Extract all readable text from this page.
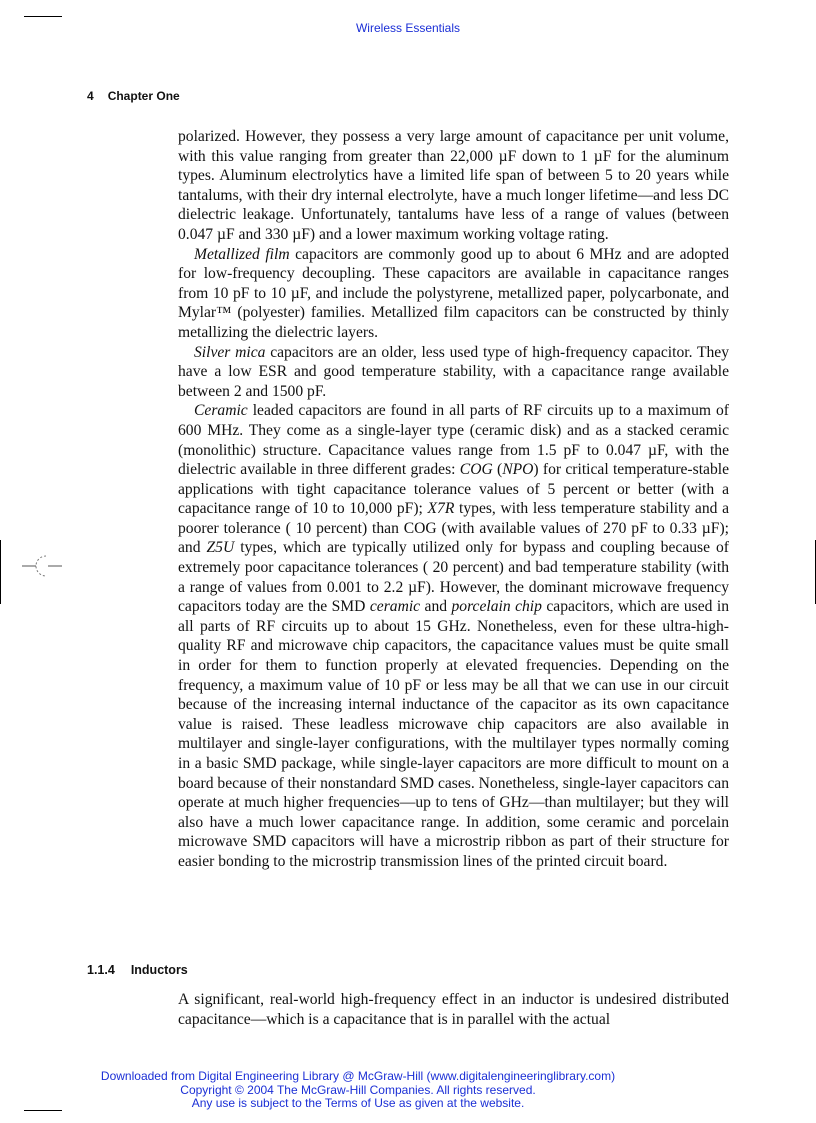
Wireless Essentials
4 Chapter One

polarized. However, they possess a very large amount of capacitance per unit volume, with this value ranging from greater than 22,000 µF down to 1 µF for the aluminum types. Aluminum electrolytics have a limited life span of between 5 to 20 years while tantalums, with their dry internal electrolyte, have a much longer lifetime—and less DC dielectric leakage. Unfortunately, tantalums have less of a range of values (between 0.047 µF and 330 µF) and a lower maximum working voltage rating.

Metallized film capacitors are commonly good up to about 6 MHz and are adopted for low-frequency decoupling. These capacitors are available in capacitance ranges from 10 pF to 10 µF, and include the polystyrene, metallized paper, polycarbonate, and Mylar™ (polyester) families. Metallized film capacitors can be constructed by thinly metallizing the dielectric layers.

Silver mica capacitors are an older, less used type of high-frequency capacitor. They have a low ESR and good temperature stability, with a capacitance range available between 2 and 1500 pF.

Ceramic leaded capacitors are found in all parts of RF circuits up to a maximum of 600 MHz. They come as a single-layer type (ceramic disk) and as a stacked ceramic (monolithic) structure. Capacitance values range from 1.5 pF to 0.047 µF, with the dielectric available in three different grades: COG (NPO) for critical temperature-stable applications with tight capacitance tolerance values of 5 percent or better (with a capacitance range of 10 to 10,000 pF); X7R types, with less temperature stability and a poorer tolerance ( 10 percent) than COG (with available values of 270 pF to 0.33 µF); and Z5U types, which are typically utilized only for bypass and coupling because of extremely poor capacitance tolerances ( 20 percent) and bad temperature stability (with a range of values from 0.001 to 2.2 µF). However, the dominant microwave frequency capacitors today are the SMD ceramic and porcelain chip capacitors, which are used in all parts of RF circuits up to about 15 GHz. Nonetheless, even for these ultra-high-quality RF and microwave chip capacitors, the capacitance values must be quite small in order for them to function properly at elevated frequencies. Depending on the frequency, a maximum value of 10 pF or less may be all that we can use in our circuit because of the increasing internal inductance of the capacitor as its own capacitance value is raised. These leadless microwave chip capacitors are also available in multilayer and single-layer configurations, with the multilayer types normally coming in a basic SMD package, while single-layer capacitors are more difficult to mount on a board because of their nonstandard SMD cases. Nonetheless, single-layer capacitors can operate at much higher frequencies—up to tens of GHz—than multilayer; but they will also have a much lower capacitance range. In addition, some ceramic and porcelain microwave SMD capacitors will have a microstrip ribbon as part of their structure for easier bonding to the microstrip transmission lines of the printed circuit board.

1.1.4 Inductors

A significant, real-world high-frequency effect in an inductor is undesired distributed capacitance—which is a capacitance that is in parallel with the actual

Downloaded from Digital Engineering Library @ McGraw-Hill (www.digitalengineeringlibrary.com)
Copyright © 2004 The McGraw-Hill Companies. All rights reserved.
Any use is subject to the Terms of Use as given at the website.
